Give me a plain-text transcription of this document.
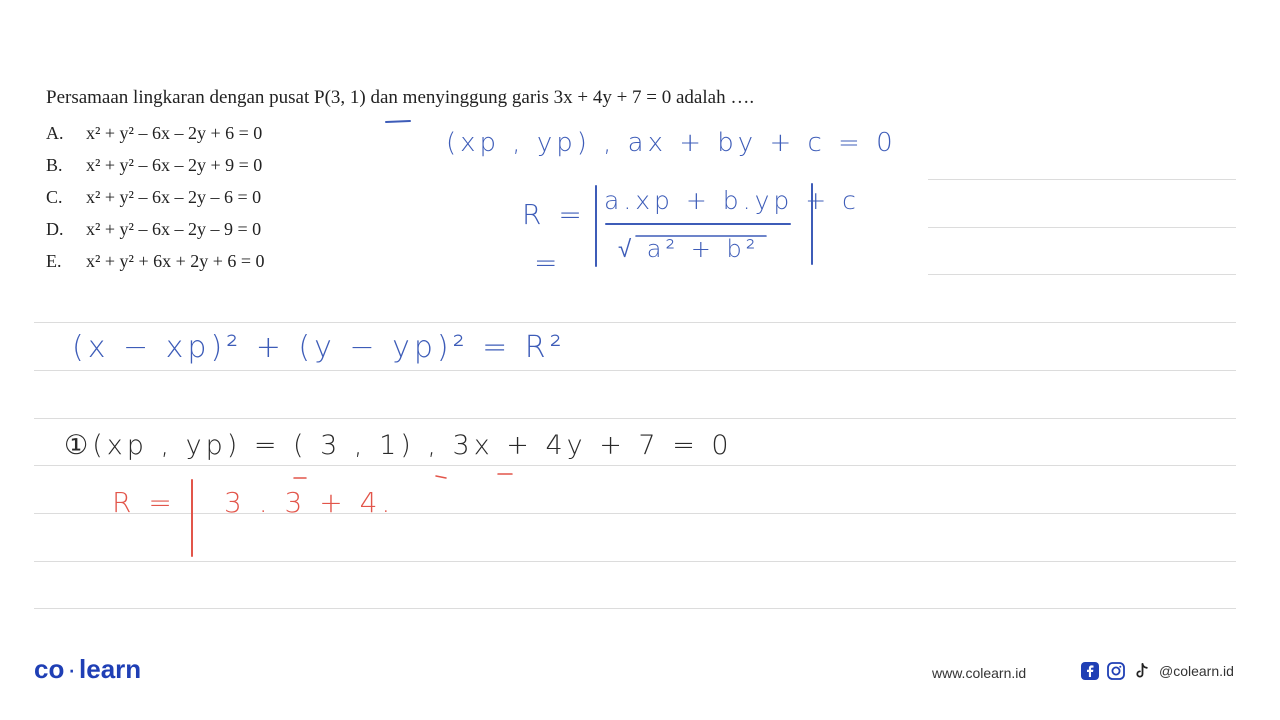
Persamaan lingkaran dengan pusat P(3, 1) dan menyinggung garis 3x + 4y + 7 = 0 adalah ….
A.	x² + y² – 6x – 2y + 6 = 0
B.	x² + y² – 6x – 2y + 9 = 0
C.	x² + y² – 6x – 2y – 6 = 0
D.	x² + y² – 6x – 2y – 9 = 0
E.	x² + y² + 6x + 2y + 6 = 0
(xp , yp) , ax + by + c = 0
R = a.xp + b.yp + c
√ a² + b²
=
(x − xp)² + (y − yp)² = R²
①(xp , yp) = ( 3 , 1) , 3x + 4y + 7 = 0
R = 3 . 3 + 4.
co · learn	www.colearn.id	@colearn.id
